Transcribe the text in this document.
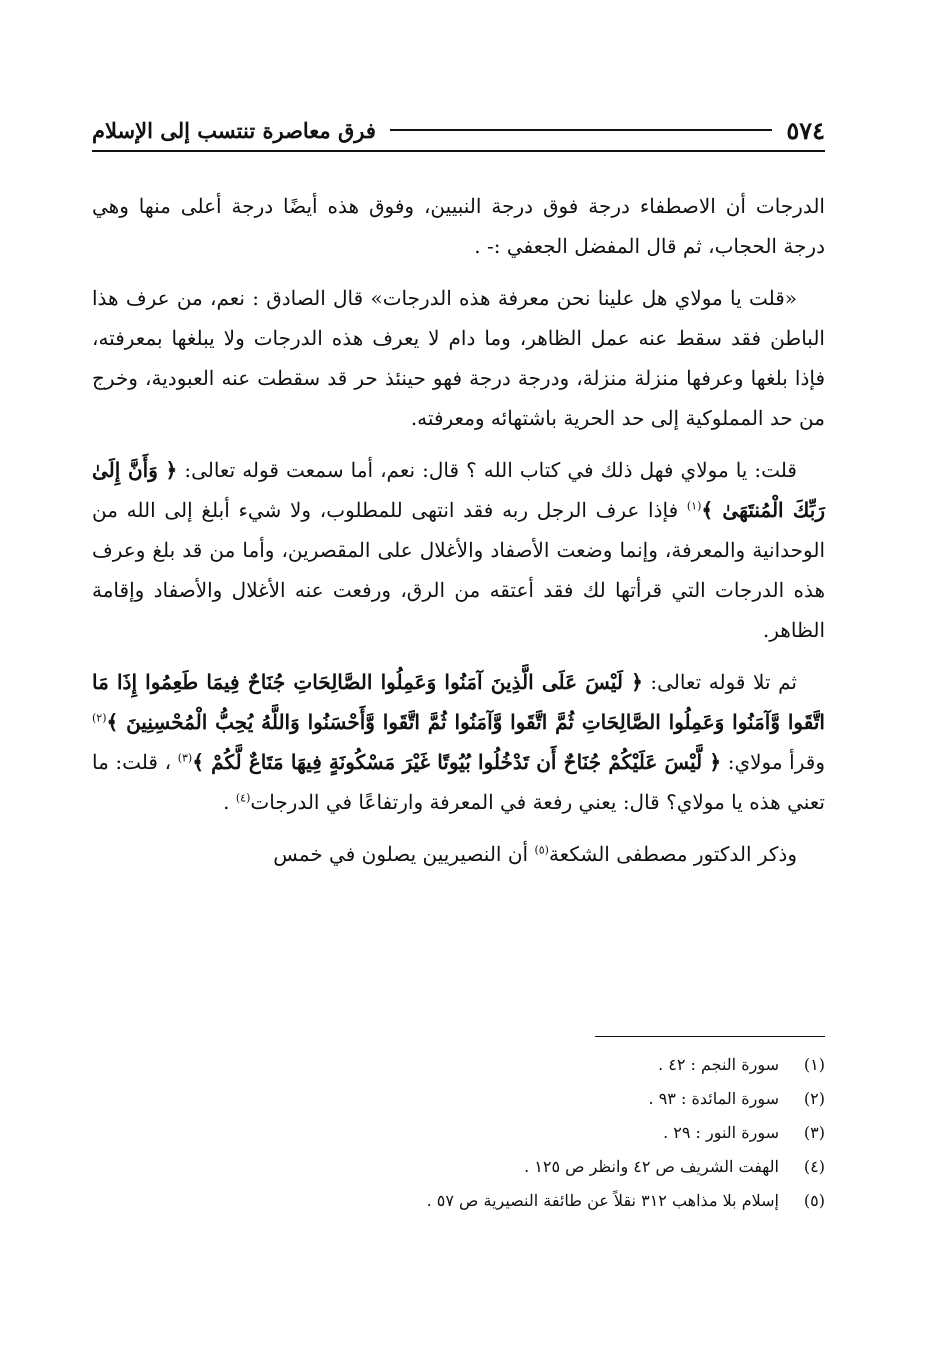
٥٧٤
فرق معاصرة تنتسب إلى الإسلام

الدرجات أن الاصطفاء درجة فوق درجة النبيين، وفوق هذه أيضًا درجة أعلى منها وهي درجة الحجاب، ثم قال المفضل الجعفي :- .

«قلت يا مولاي هل علينا نحن معرفة هذه الدرجات» قال الصادق : نعم، من عرف هذا الباطن فقد سقط عنه عمل الظاهر، وما دام لا يعرف هذه الدرجات ولا يبلغها بمعرفته، فإذا بلغها وعرفها منزلة منزلة، ودرجة درجة فهو حينئذ حر قد سقطت عنه العبودية، وخرج من حد المملوكية إلى حد الحرية باشتهائه ومعرفته.

قلت: يا مولاي فهل ذلك في كتاب الله ؟ قال: نعم، أما سمعت قوله تعالى: ﴿ وَأَنَّ إِلَىٰ رَبِّكَ الْمُنتَهَىٰ ﴾$^{(١)}$ فإذا عرف الرجل ربه فقد انتهى للمطلوب، ولا شيء أبلغ إلى الله من الوحدانية والمعرفة، وإنما وضعت الأصفاد والأغلال على المقصرين، وأما من قد بلغ وعرف هذه الدرجات التي قرأتها لك فقد أعتقه من الرق، ورفعت عنه الأغلال والأصفاد وإقامة الظاهر.

ثم تلا قوله تعالى: ﴿ لَيْسَ عَلَى الَّذِينَ آمَنُوا وَعَمِلُوا الصَّالِحَاتِ جُنَاحٌ فِيمَا طَعِمُوا إِذَا مَا اتَّقَوا وَّآمَنُوا وَعَمِلُوا الصَّالِحَاتِ ثُمَّ اتَّقَوا وَّآمَنُوا ثُمَّ اتَّقَوا وَّأَحْسَنُوا وَاللَّهُ يُحِبُّ الْمُحْسِنِينَ ﴾$^{(٢)}$ وقرأ مولاي: ﴿ لَّيْسَ عَلَيْكُمْ جُنَاحٌ أَن تَدْخُلُوا بُيُوتًا غَيْرَ مَسْكُونَةٍ فِيهَا مَتَاعٌ لَّكُمْ ﴾$^{(٣)}$ ، قلت: ما تعني هذه يا مولاي؟ قال: يعني رفعة في المعرفة وارتفاعًا في الدرجات$^{(٤)}$ .

وذكر الدكتور مصطفى الشكعة$^{(٥)}$ أن النصيريين يصلون في خمس

(١)
سورة النجم : ٤٢ .
(٢)
سورة المائدة : ٩٣ .
(٣)
سورة النور : ٢٩ .
(٤)
الهفت الشريف ص ٤٢ وانظر ص ١٢٥ .
(٥)
إسلام بلا مذاهب ٣١٢ نقلاً عن طائفة النصيرية ص ٥٧ .
